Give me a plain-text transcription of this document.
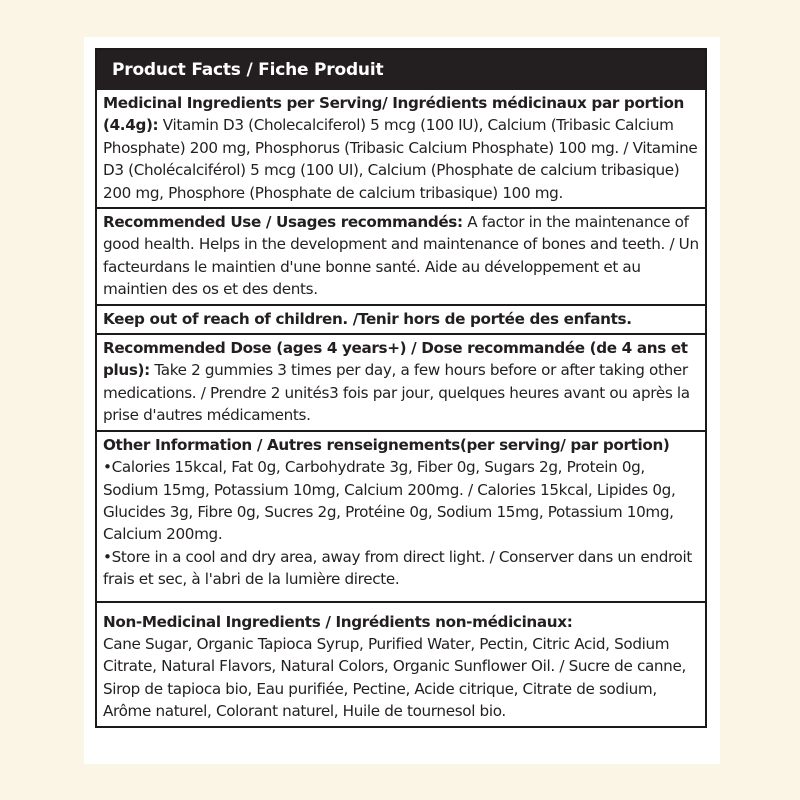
Product Facts / Fiche Produit

Medicinal Ingredients per Serving/ Ingrédients médicinaux par portion (4.4g): Vitamin D3 (Cholecalciferol) 5 mcg (100 IU), Calcium (Tribasic Calcium Phosphate) 200 mg, Phosphorus (Tribasic Calcium Phosphate) 100 mg. / Vitamine D3 (Cholécalciférol) 5 mcg (100 UI), Calcium (Phosphate de calcium tribasique) 200 mg, Phosphore (Phosphate de calcium tribasique) 100 mg.

Recommended Use / Usages recommandés: A factor in the maintenance of good health. Helps in the development and maintenance of bones and teeth. / Un facteurdans le maintien d'une bonne santé. Aide au développement et au maintien des os et des dents.

Keep out of reach of children. /Tenir hors de portée des enfants.

Recommended Dose (ages 4 years+) / Dose recommandée (de 4 ans et plus): Take 2 gummies 3 times per day, a few hours before or after taking other medications. / Prendre 2 unités3 fois par jour, quelques heures avant ou après la prise d'autres médicaments.

Other Information / Autres renseignements(per serving/ par portion)

•Calories 15kcal, Fat 0g, Carbohydrate 3g, Fiber 0g, Sugars 2g, Protein 0g, Sodium 15mg, Potassium 10mg, Calcium 200mg. / Calories 15kcal, Lipides 0g, Glucides 3g, Fibre 0g, Sucres 2g, Protéine 0g, Sodium 15mg, Potassium 10mg, Calcium 200mg.

•Store in a cool and dry area, away from direct light. / Conserver dans un endroit frais et sec, à l'abri de la lumière directe.

Non-Medicinal Ingredients / Ingrédients non-médicinaux:

Cane Sugar, Organic Tapioca Syrup, Purified Water, Pectin, Citric Acid, Sodium Citrate, Natural Flavors, Natural Colors, Organic Sunflower Oil. / Sucre de canne, Sirop de tapioca bio, Eau purifiée, Pectine, Acide citrique, Citrate de sodium, Arôme naturel, Colorant naturel, Huile de tournesol bio.
